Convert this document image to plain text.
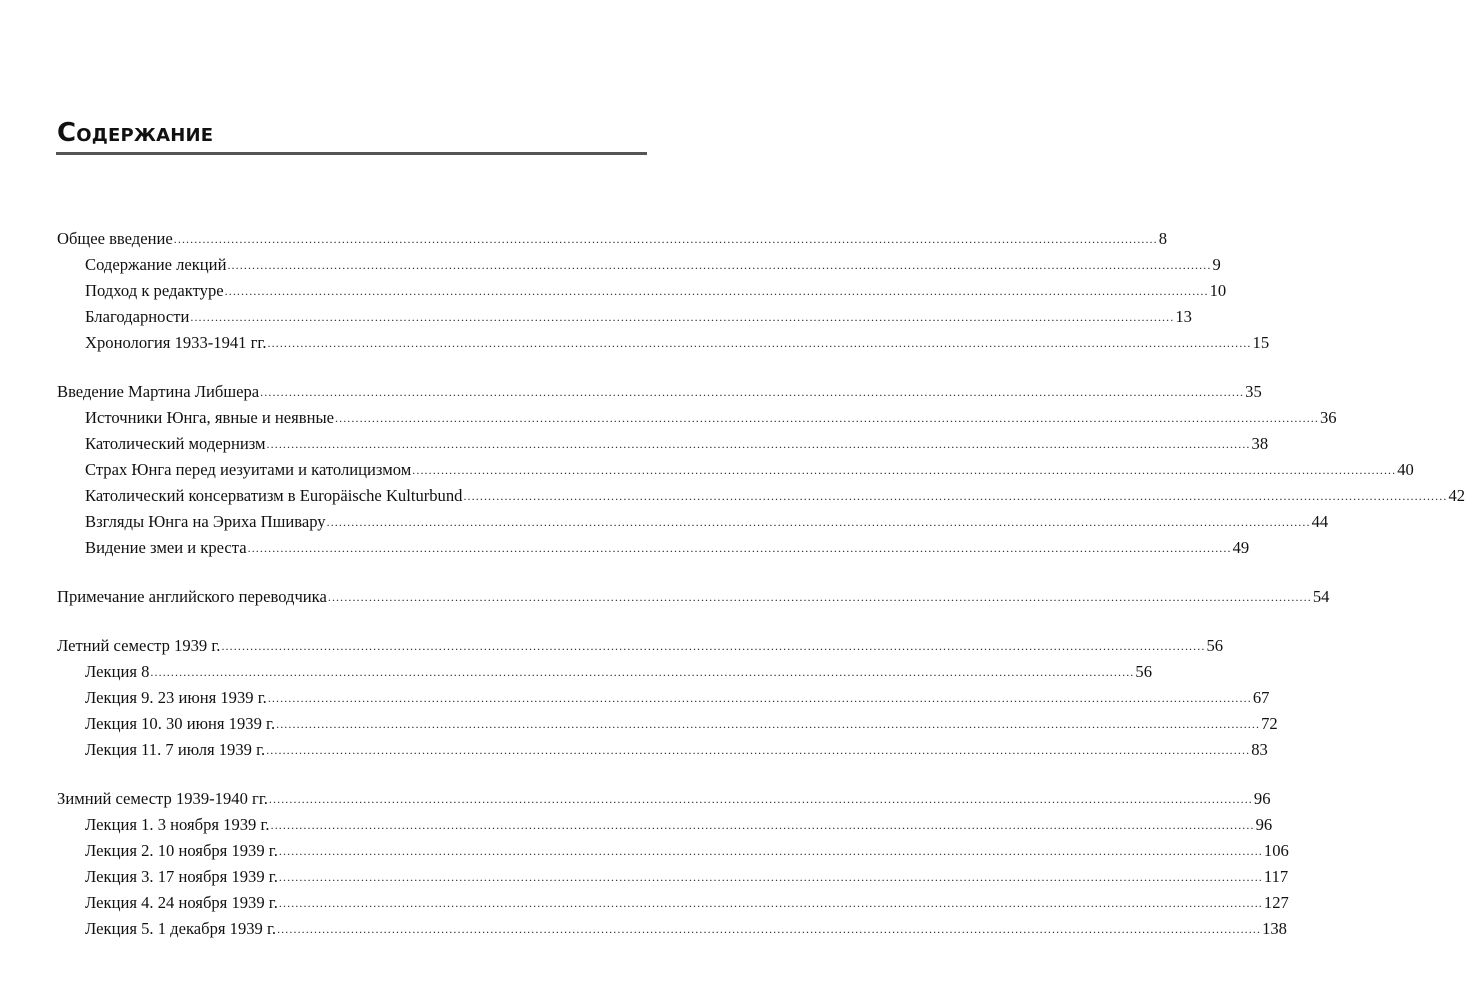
Содержание
Общее введение .....	8
Содержание лекций .....	9
Подход к редактуре .....	10
Благодарности .....	13
Хронология 1933-1941 гг. .....	15
Введение Мартина Либшера .....	35
Источники Юнга, явные и неявные .....	36
Католический модернизм .....	38
Страх Юнга перед иезуитами и католицизмом .....	40
Католический консерватизм в Europäische Kulturbund .....	42
Взгляды Юнга на Эриха Пшивару .....	44
Видение змеи и креста .....	49
Примечание английского переводчика .....	54
Летний семестр 1939 г. .....	56
Лекция 8 .....	56
Лекция 9. 23 июня 1939 г. .....	67
Лекция 10. 30 июня 1939 г. .....	72
Лекция 11. 7 июля 1939 г. .....	83
Зимний семестр 1939-1940 гг. .....	96
Лекция 1. 3 ноября 1939 г. .....	96
Лекция 2. 10 ноября 1939 г. .....	106
Лекция 3. 17 ноября 1939 г. .....	117
Лекция 4. 24 ноября 1939 г. .....	127
Лекция 5. 1 декабря 1939 г. .....	138
